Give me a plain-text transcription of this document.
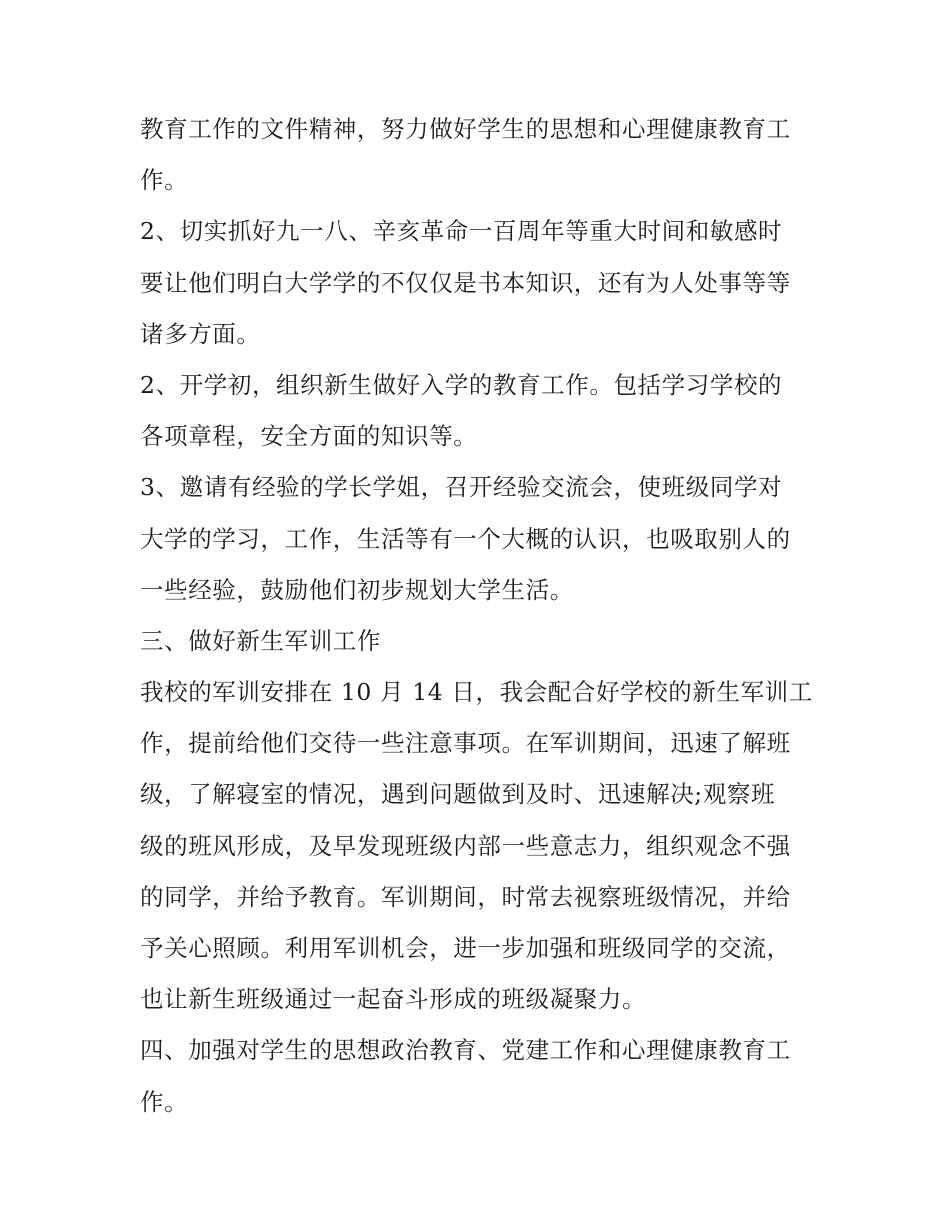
教育工作的文件精神，努力做好学生的思想和心理健康教育工
作。
2、切实抓好九一八、辛亥革命一百周年等重大时间和敏感时
要让他们明白大学学的不仅仅是书本知识，还有为人处事等等
诸多方面。
2、开学初，组织新生做好入学的教育工作。包括学习学校的
各项章程，安全方面的知识等。
3、邀请有经验的学长学姐，召开经验交流会，使班级同学对
大学的学习，工作，生活等有一个大概的认识，也吸取别人的
一些经验，鼓励他们初步规划大学生活。
三、做好新生军训工作
我校的军训安排在 10 月 14 日，我会配合好学校的新生军训工
作，提前给他们交待一些注意事项。在军训期间，迅速了解班
级，了解寝室的情况，遇到问题做到及时、迅速解决;观察班
级的班风形成，及早发现班级内部一些意志力，组织观念不强
的同学，并给予教育。军训期间，时常去视察班级情况，并给
予关心照顾。利用军训机会，进一步加强和班级同学的交流，
也让新生班级通过一起奋斗形成的班级凝聚力。
四、加强对学生的思想政治教育、党建工作和心理健康教育工
作。
